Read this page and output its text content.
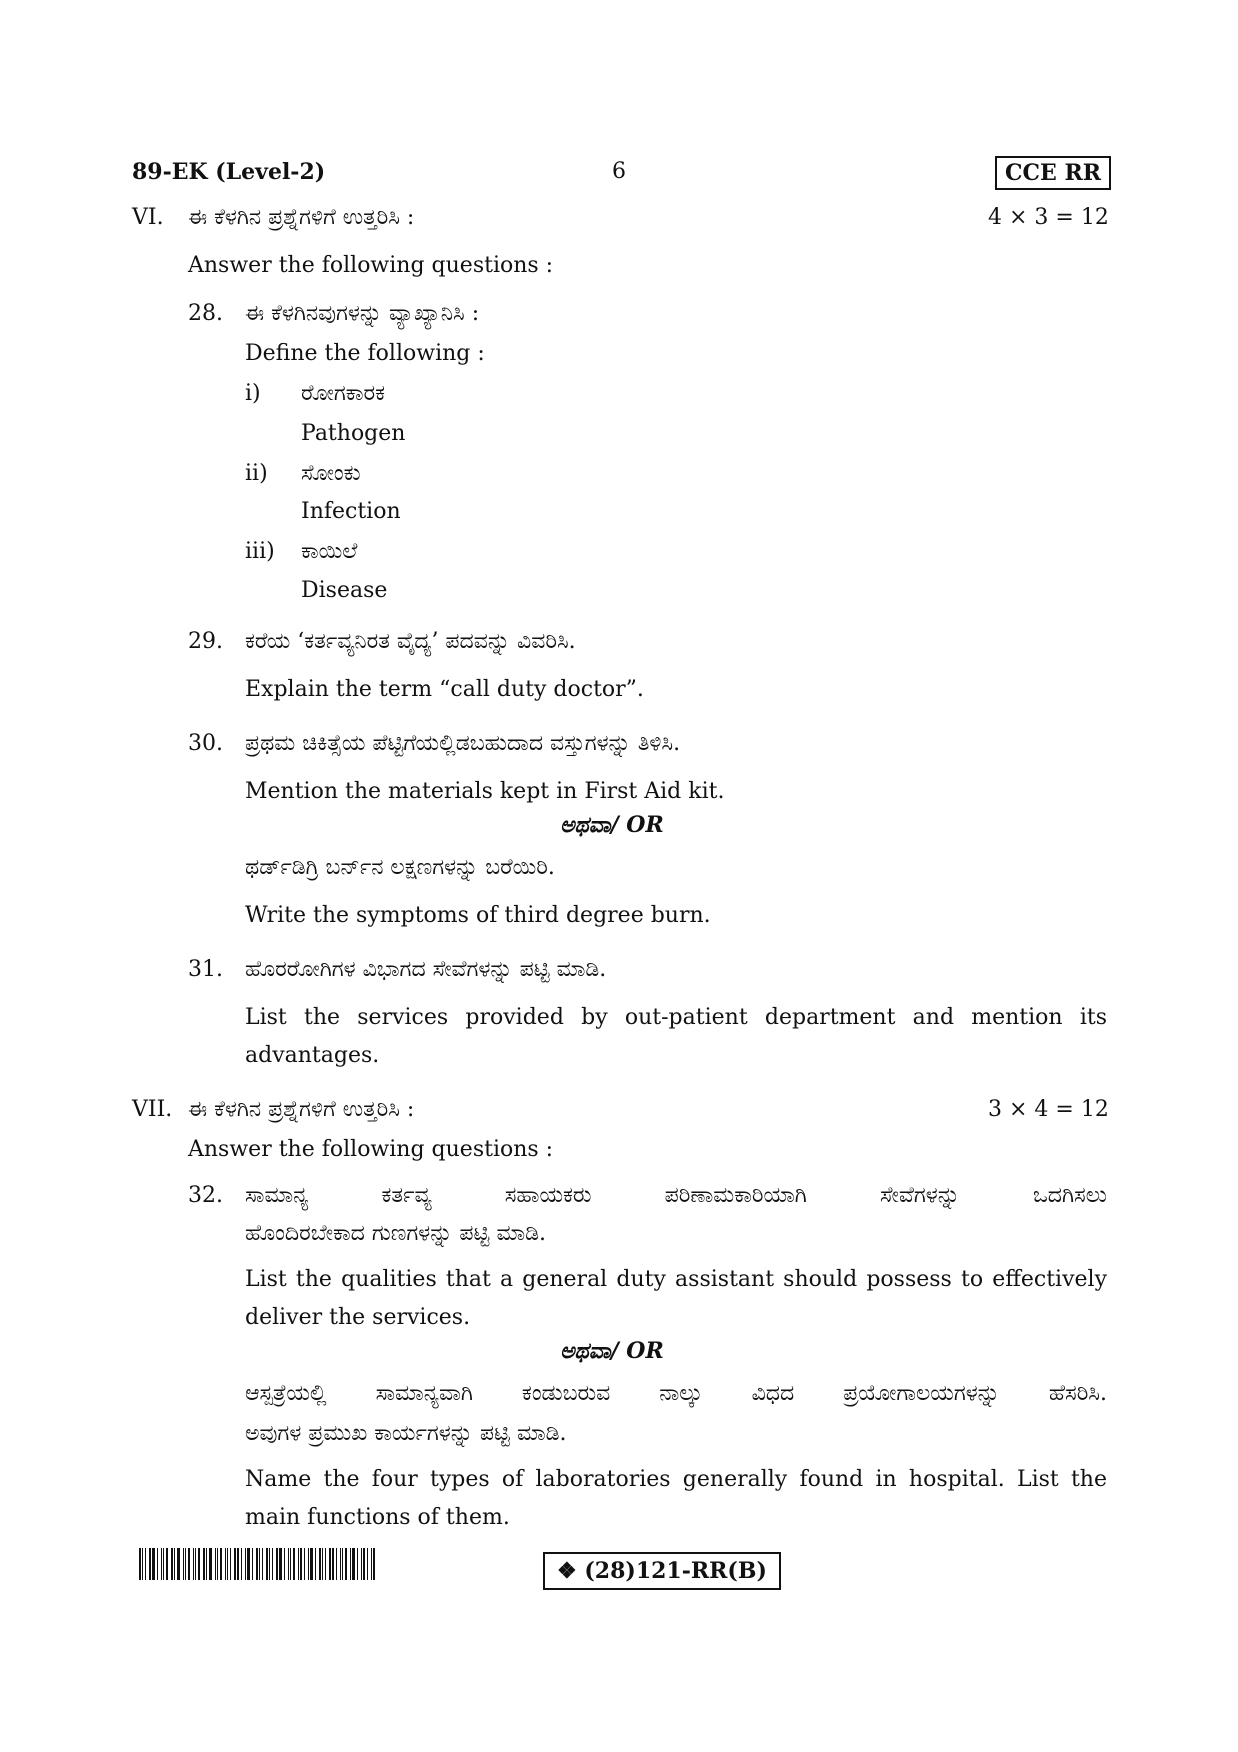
89-EK (Level-2)	6	CCE RR
VI. ಈ ಕೆಳಗಿನ ಪ್ರಶ್ನೆಗಳಿಗೆ ಉತ್ತರಿಸಿ :	4 × 3 = 12
Answer the following questions :
28. ಈ ಕೆಳಗಿನವುಗಳನ್ನು ವ್ಯಾಖ್ಯಾನಿಸಿ :
Define the following :
i) ರೋಗಕಾರಕ
Pathogen
ii) ಸೋಂಕು
Infection
iii) ಕಾಯಿಲೆ
Disease
29. ಕರೆಯ ‘ಕರ್ತವ್ಯನಿರತ ವೈದ್ಯ’ ಪದವನ್ನು ವಿವರಿಸಿ.
Explain the term “call duty doctor”.
30. ಪ್ರಥಮ ಚಿಕಿತ್ಸೆಯ ಪೆಟ್ಟಿಗೆಯಲ್ಲಿಡಬಹುದಾದ ವಸ್ತುಗಳನ್ನು ತಿಳಿಸಿ.
Mention the materials kept in First Aid kit.
ಅಥವಾ/ OR
ಥರ್ಡ್‌ಡಿಗ್ರಿ ಬರ್ನ್‌ನ ಲಕ್ಷಣಗಳನ್ನು ಬರೆಯಿರಿ.
Write the symptoms of third degree burn.
31. ಹೊರರೋಗಿಗಳ ವಿಭಾಗದ ಸೇವೆಗಳನ್ನು ಪಟ್ಟಿ ಮಾಡಿ.
List the services provided by out-patient department and mention its
advantages.
VII. ಈ ಕೆಳಗಿನ ಪ್ರಶ್ನೆಗಳಿಗೆ ಉತ್ತರಿಸಿ :	3 × 4 = 12
Answer the following questions :
32. ಸಾಮಾನ್ಯ ಕರ್ತವ್ಯ ಸಹಾಯಕರು ಪರಿಣಾಮಕಾರಿಯಾಗಿ ಸೇವೆಗಳನ್ನು ಒದಗಿಸಲು
ಹೊಂದಿರಬೇಕಾದ ಗುಣಗಳನ್ನು ಪಟ್ಟಿ ಮಾಡಿ.
List the qualities that a general duty assistant should possess to effectively
deliver the services.
ಅಥವಾ/ OR
ಆಸ್ಪತ್ರೆಯಲ್ಲಿ ಸಾಮಾನ್ಯವಾಗಿ ಕಂಡುಬರುವ ನಾಲ್ಕು ವಿಧದ ಪ್ರಯೋಗಾಲಯಗಳನ್ನು ಹೆಸರಿಸಿ.
ಅವುಗಳ ಪ್ರಮುಖ ಕಾರ್ಯಗಳನ್ನು ಪಟ್ಟಿ ಮಾಡಿ.
Name the four types of laboratories generally found in hospital. List the
main functions of them.
❖ (28)121-RR(B)
